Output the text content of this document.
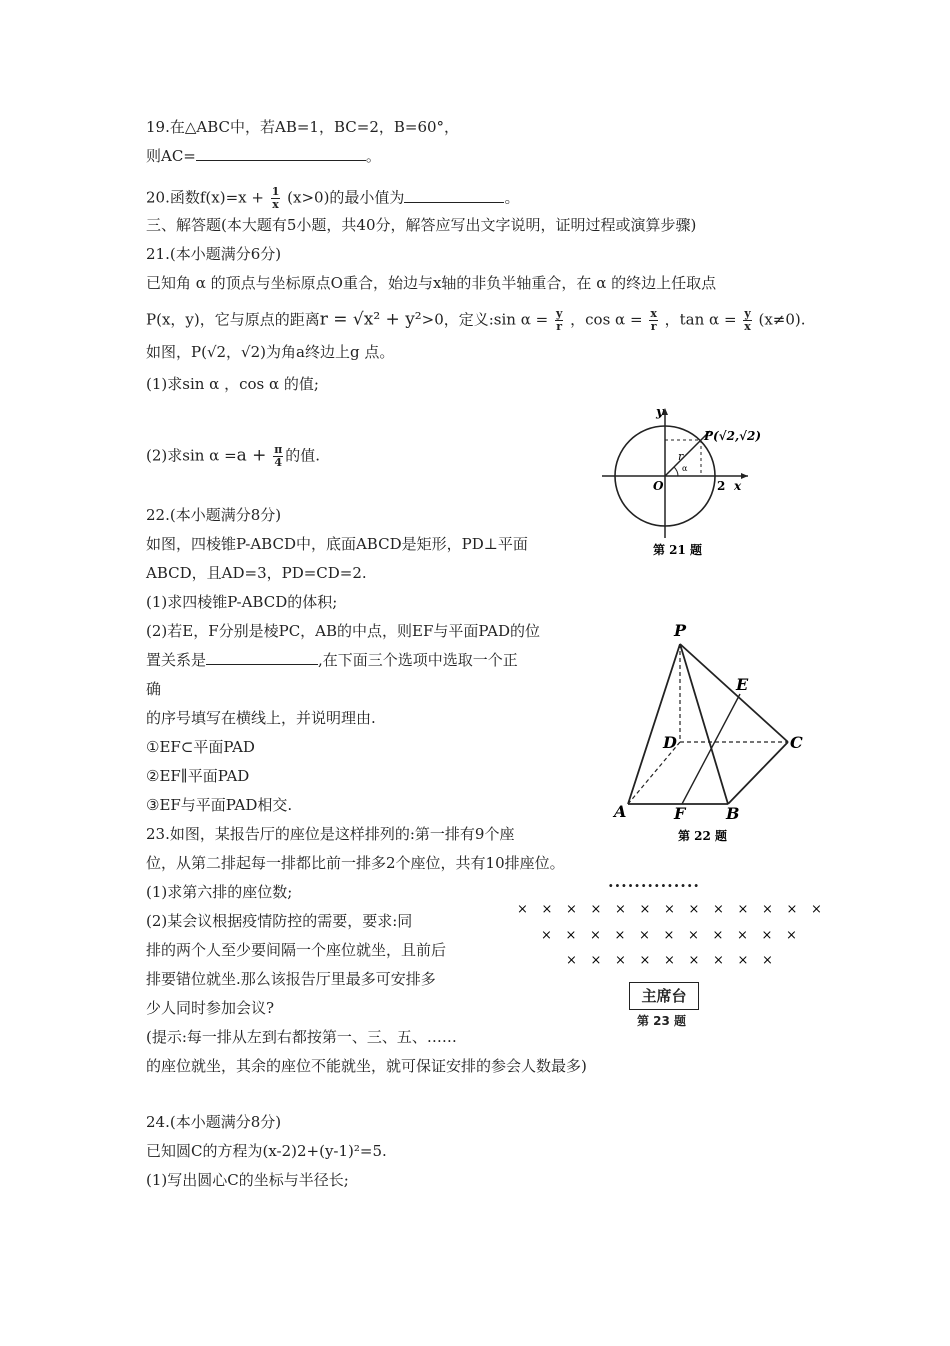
19.在△ABC中，若AB=1，BC=2，B=60°，
则AC=	。
20.函数$f(x)=x + \frac{1}{x} (x>0)$的最小值为	。
三、解答题(本大题有5小题，共40分，解答应写出文字说明，证明过程或演算步骤)
21.(本小题满分6分)
已知角 α 的顶点与坐标原点O重合，始边与x轴的非负半轴重合，在 α 的终边上任取点
P(x，y)，它与原点的距离r = √x² + y²>0，定义:sin $\alpha = \frac{y}{r}$ ，$\cos \alpha = \frac{x}{r}$ ，$\tan \alpha = \frac{y}{x} (x\ne 0)$.
如图，P(√2，√2)为角a终边上g 点。
(1)求sin α ，cos α 的值;
(2)求$\sin \alpha =a + \frac{\pi}{4}$ 的值.
y
P(√2,√2)
r
α
O	2 x
第 21 题
22.(本小题满分8分)
如图，四棱锥P-ABCD中，底面ABCD是矩形，PD⊥平面
ABCD，且AD=3，PD=CD=2.
(1)求四棱锥P-ABCD的体积;
(2)若E，F分别是棱PC，AB的中点，则EF与平面PAD的位
置关系是	,在下面三个选项中选取一个正
确
的序号填写在横线上，并说明理由.
①EF⊂平面PAD
②EF∥平面PAD
③EF与平面PAD相交.
P
E
D	C
A	F	B
第 22 题
23.如图，某报告厅的座位是这样排列的:第一排有9个座
位，从第二排起每一排都比前一排多2个座位，共有10排座位。
(1)求第六排的座位数;
(2)某会议根据疫情防控的需要，要求:同
排的两个人至少要间隔一个座位就坐，且前后
排要错位就坐.那么该报告厅里最多可安排多
少人同时参加会议?
(提示:每一排从左到右都按第一、三、五、……
的座位就坐，其余的座位不能就坐，就可保证安排的参会人数最多)
··············
× × × × × × × × × × × × ×
× × × × × × × × × × ×
× × × × × × × × ×
主席台
第 23 题
24.(本小题满分8分)
已知圆C的方程为(x-2)2+(y-1)²=5.
(1)写出圆心C的坐标与半径长;
